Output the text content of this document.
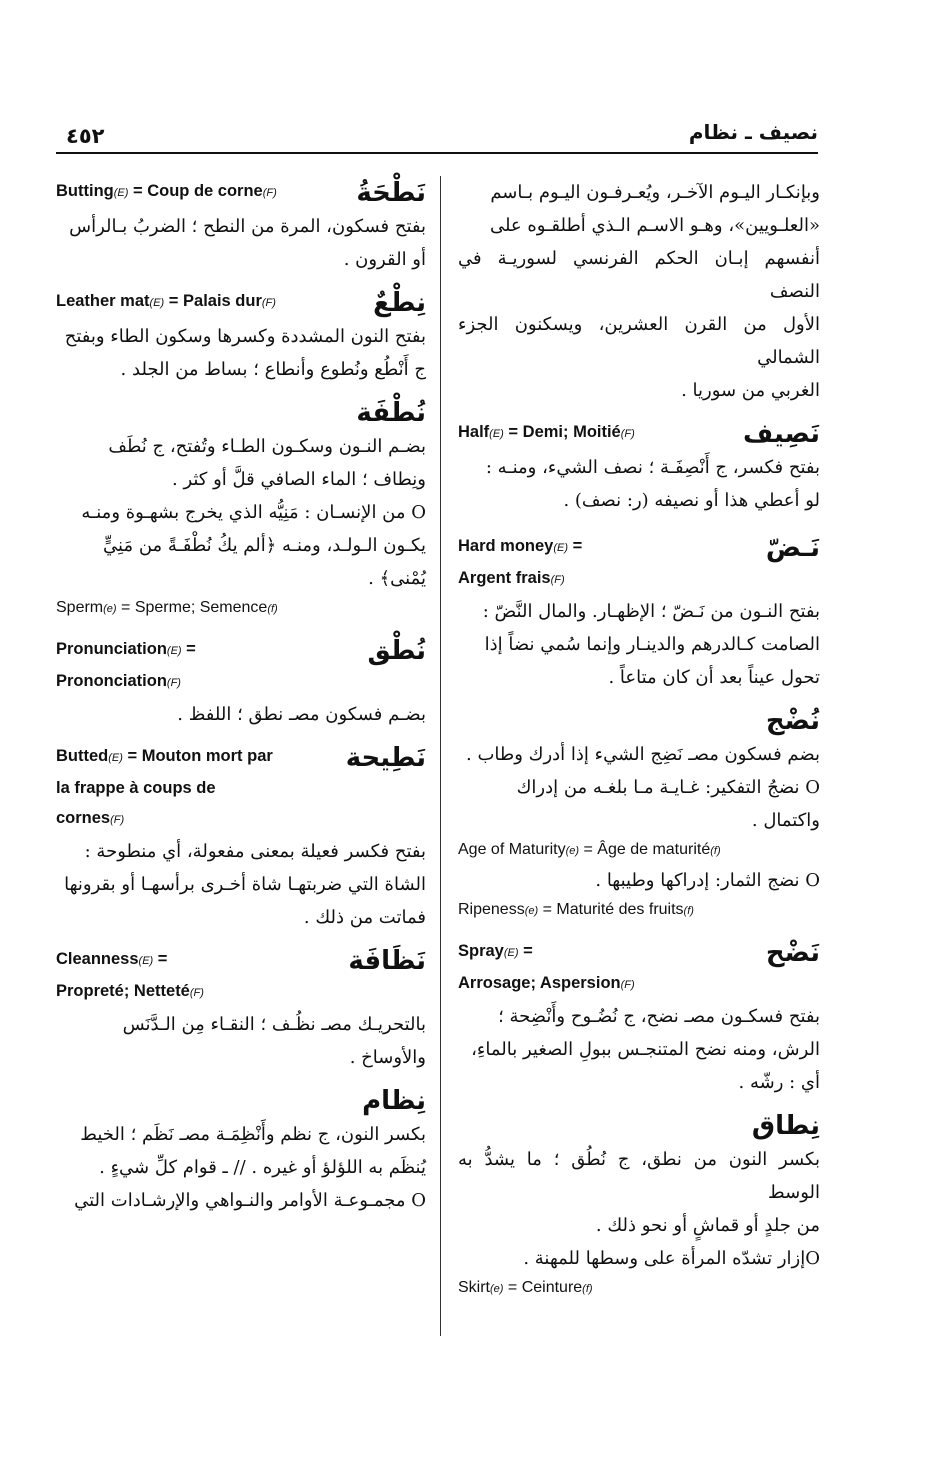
نصيف ـ نظام
٤٥٢

وبإنكـار اليـوم الآخـر، ويُعـرفـون اليـوم بـاسم

«العلـويين»، وهـو الاسـم الـذي أطلقـوه على

أنفسهم إبـان الحكم الفرنسي لسوريـة في النصف

الأول من القرن العشرين، ويسكنون الجزء الشمالي

الغربي من سوريا .

Half(E) = Demi; Moitié(F)	نَصِيف

بفتح فكسر، ج أَنْصِفَـة ؛ نصف الشيء، ومنـه :

لو أعطي هذا أو نصيفه (ر: نصف) .

Hard money(E) =
Argent frais(F)
نَـضّ

بفتح النـون من نَـضّ ؛ الإظهـار. والمال النَّضّ :

الصامت كـالدرهم والدينـار وإنما سُمي نضاً إذا

تحول عيناً بعد أن كان متاعاً .

نُضْج

بضم فسكون مصـ نَضِج الشيء إذا أدرك وطاب .

O نضجُ التفكير: غـايـة مـا بلغـه من إدراك

واكتمال .

Age of Maturity(e) = Âge de maturité(f)

O نضج الثمار: إدراكها وطيبها .

Ripeness(e) = Maturité des fruits(f)
Spray(E) =
Arrosage; Aspersion(F)
نَضْح

بفتح فسكـون مصـ نضح، ج نُضُـوح وأَنْضِحة ؛

الرش، ومنه نضح المتنجـس ببولِ الصغير بالماءِ،

أي : رشّه .

نِطاق

بكسر النون من نطق، ج نُطُق ؛ ما يشدُّ به الوسط

من جلدٍ أو قماشٍ أو نحو ذلك .

Oإزار تشدّه المرأة على وسطها للمهنة .

Skirt(e) = Ceinture(f)
Butting(E) = Coup de corne(F)	نَطْحَةُ

بفتح فسكون، المرة من النطح ؛ الضربُ بـالرأس

أو القرون .

Leather mat(E) = Palais dur(F)	نِطْعٌ

بفتح النون المشددة وكسرها وسكون الطاء وبفتح

ج أَنْطُع ونُطوع وأنطاع ؛ بساط من الجلد .

نُطْفَة

بضـم النـون وسكـون الطـاء وتُفتح، ج نُطَف

ونِطاف ؛ الماء الصافي قلَّ أو كثر .

O من الإنسـان : مَنِيُّه الذي يخرج بشهـوة ومنـه

يكـون الـولـد، ومنـه ﴿ألم يكُ نُطْفَـةً من مَنِيٍّ

يُمْنى﴾ .

Sperm(e) = Sperme; Semence(f)
Pronunciation(E) =
Prononciation(F)
نُطْق

بضـم فسكون مصـ نطق ؛ اللفظ .

Butted(E) = Mouton mort par
la frappe à coups de
cornes(F)
نَطِيحة

بفتح فكسر فعيلة بمعنى مفعولة، أي منطوحة :

الشاة التي ضربتهـا شاة أخـرى برأسهـا أو بقرونها

فماتت من ذلك .

Cleanness(E) =
Propreté; Netteté(F)
نَظَافَة

بالتحريـك مصـ نظُـف ؛ النقـاء مِن الـدَّنَس

والأوساخ .

نِظام

بكسر النون، ج نظم وأَنْظِمَـة مصـ نَظَم ؛ الخيط

يُنظَم به اللؤلؤ أو غيره . // ـ قوام كلِّ شيءٍ .

O مجمـوعـة الأوامر والنـواهي والإرشـادات التي
